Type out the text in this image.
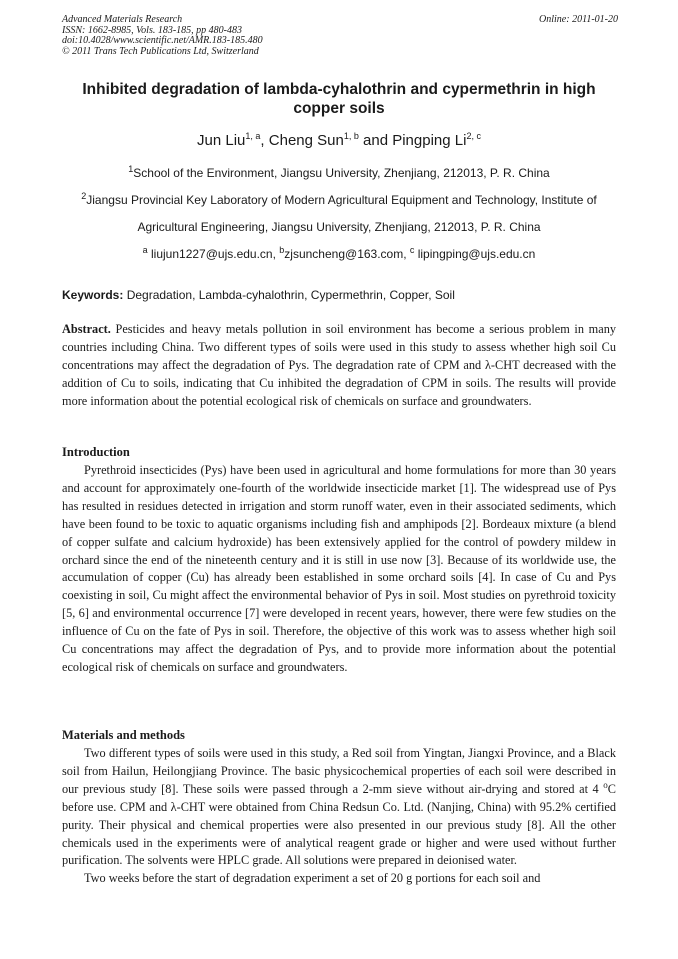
Advanced Materials Research
ISSN: 1662-8985, Vols. 183-185, pp 480-483
doi:10.4028/www.scientific.net/AMR.183-185.480
© 2011 Trans Tech Publications Ltd, Switzerland
Online: 2011-01-20
Inhibited degradation of lambda-cyhalothrin and cypermethrin in high copper soils
Jun Liu$^{1, a}$, Cheng Sun$^{1, b}$ and Pingping Li$^{2, c}$
$^1$School of the Environment, Jiangsu University, Zhenjiang, 212013, P. R. China
$^2$Jiangsu Provincial Key Laboratory of Modern Agricultural Equipment and Technology, Institute of
Agricultural Engineering, Jiangsu University, Zhenjiang, 212013, P. R. China
$^a$ liujun1227@ujs.edu.cn, $^b$zjsuncheng@163.com, $^c$ lipingping@ujs.edu.cn
Keywords: Degradation, Lambda-cyhalothrin, Cypermethrin, Copper, Soil
Abstract. Pesticides and heavy metals pollution in soil environment has become a serious problem in many countries including China. Two different types of soils were used in this study to assess whether high soil Cu concentrations may affect the degradation of Pys. The degradation rate of CPM and λ-CHT decreased with the addition of Cu to soils, indicating that Cu inhibited the degradation of CPM in soils. The results will provide more information about the potential ecological risk of chemicals on surface and groundwaters.
Introduction
Pyrethroid insecticides (Pys) have been used in agricultural and home formulations for more than 30 years and account for approximately one-fourth of the worldwide insecticide market [1]. The widespread use of Pys has resulted in residues detected in irrigation and storm runoff water, even in their associated sediments, which have been found to be toxic to aquatic organisms including fish and amphipods [2]. Bordeaux mixture (a blend of copper sulfate and calcium hydroxide) has been extensively applied for the control of powdery mildew in orchard since the end of the nineteenth century and it is still in use now [3]. Because of its worldwide use, the accumulation of copper (Cu) has already been established in some orchard soils [4]. In case of Cu and Pys coexisting in soil, Cu might affect the environmental behavior of Pys in soil. Most studies on pyrethroid toxicity [5, 6] and environmental occurrence [7] were developed in recent years, however, there were few studies on the influence of Cu on the fate of Pys in soil. Therefore, the objective of this work was to assess whether high soil Cu concentrations may affect the degradation of Pys, and to provide more information about the potential ecological risk of chemicals on surface and groundwaters.
Materials and methods

Two different types of soils were used in this study, a Red soil from Yingtan, Jiangxi Province, and a Black soil from Hailun, Heilongjiang Province. The basic physicochemical properties of each soil were described in our previous study [8]. These soils were passed through a 2-mm sieve without air-drying and stored at 4 $^o$C before use. CPM and λ-CHT were obtained from China Redsun Co. Ltd. (Nanjing, China) with 95.2% certified purity. Their physical and chemical properties were also presented in our previous study [8]. All the other chemicals used in the experiments were of analytical reagent grade or higher and were used without further purification. The solvents were HPLC grade. All solutions were prepared in deionised water.

Two weeks before the start of degradation experiment a set of 20 g portions for each soil and
